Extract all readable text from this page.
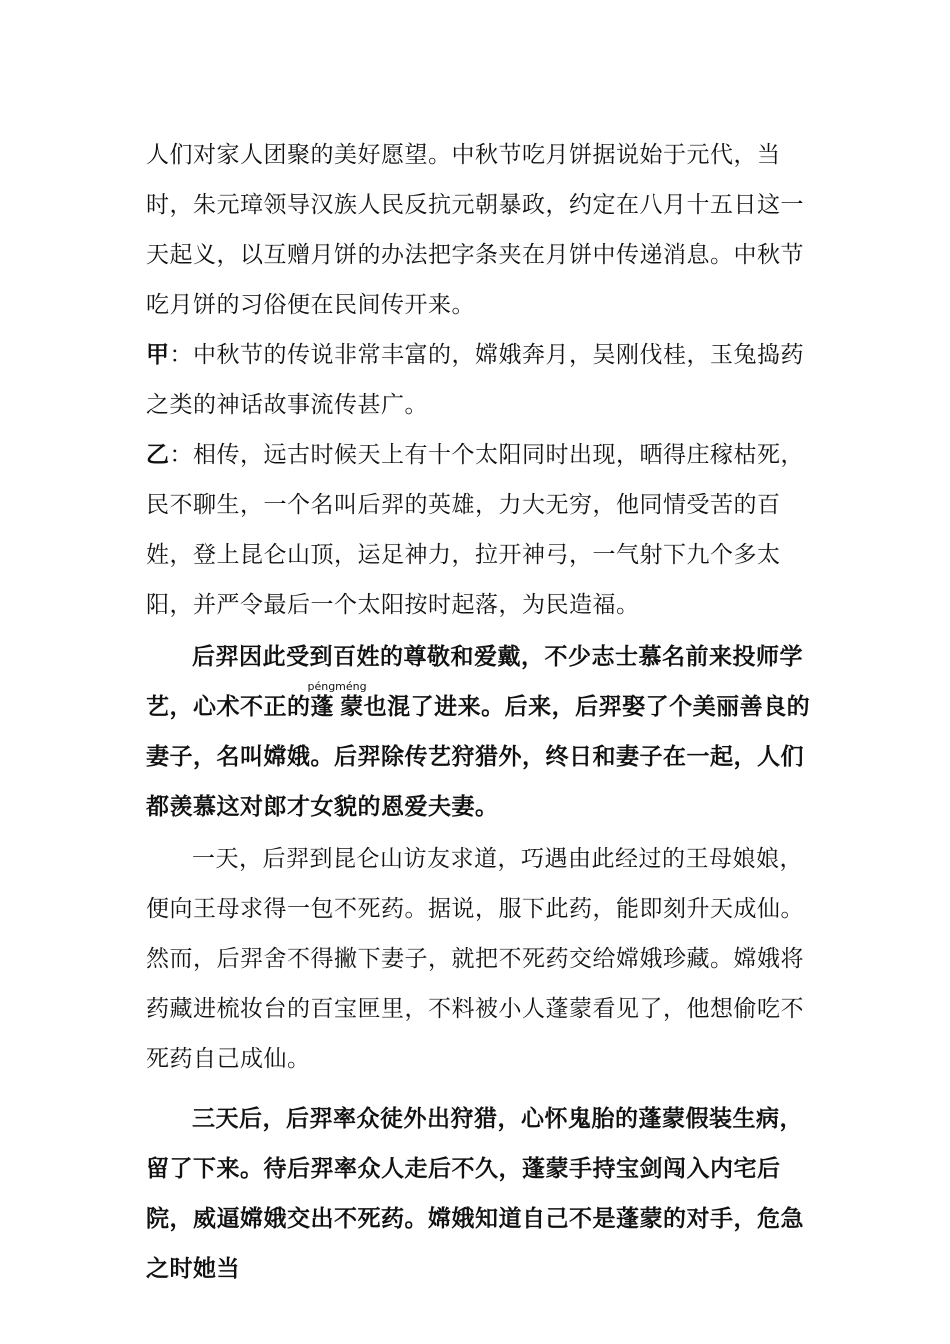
人们对家人团聚的美好愿望。中秋节吃月饼据说始于元代，当时，朱元璋领导汉族人民反抗元朝暴政，约定在八月十五日这一天起义，以互赠月饼的办法把字条夹在月饼中传递消息。中秋节吃月饼的习俗便在民间传开来。

甲：中秋节的传说非常丰富的，嫦娥奔月，吴刚伐桂，玉兔捣药之类的神话故事流传甚广。

乙：相传，远古时候天上有十个太阳同时出现，晒得庄稼枯死，民不聊生，一个名叫后羿的英雄，力大无穷，他同情受苦的百姓，登上昆仑山顶，运足神力，拉开神弓，一气射下九个多太阳，并严令最后一个太阳按时起落，为民造福。

后羿因此受到百姓的尊敬和爱戴，不少志士慕名前来投师学艺，心术不正的蓬蒙péngméng也混了进来。后来，后羿娶了个美丽善良的妻子，名叫嫦娥。后羿除传艺狩猎外，终日和妻子在一起，人们都羡慕这对郎才女貌的恩爱夫妻。

一天，后羿到昆仑山访友求道，巧遇由此经过的王母娘娘，便向王母求得一包不死药。据说，服下此药，能即刻升天成仙。然而，后羿舍不得撇下妻子，就把不死药交给嫦娥珍藏。嫦娥将药藏进梳妆台的百宝匣里，不料被小人蓬蒙看见了，他想偷吃不死药自己成仙。

三天后，后羿率众徒外出狩猎，心怀鬼胎的蓬蒙假装生病，留了下来。待后羿率众人走后不久，蓬蒙手持宝剑闯入内宅后院，威逼嫦娥交出不死药。嫦娥知道自己不是蓬蒙的对手，危急之时她当
